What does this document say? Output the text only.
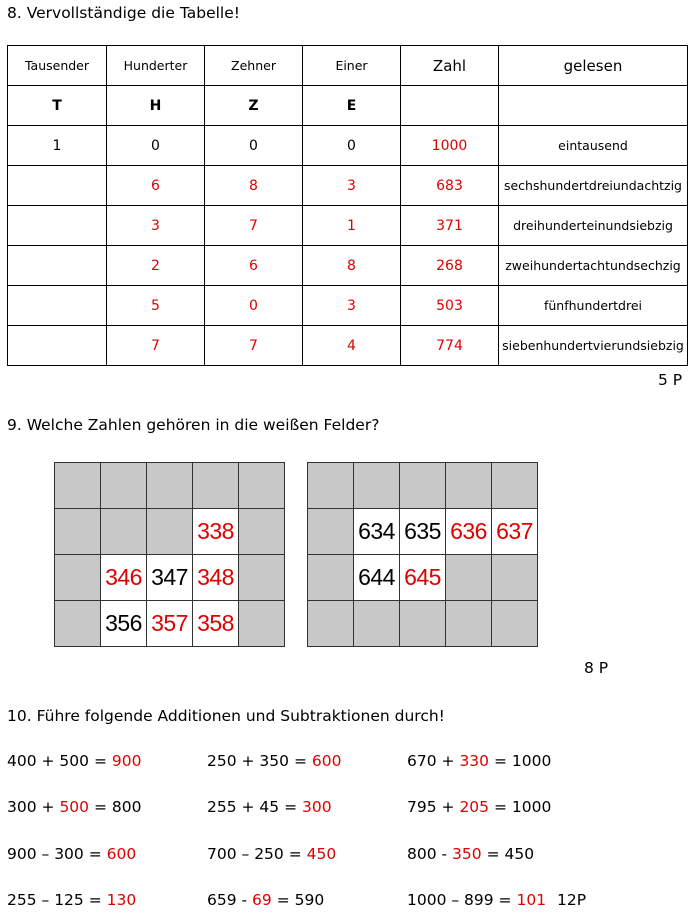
8. Vervollständige die Tabelle!
Tausender	Hunderter	Zehner	Einer	Zahl	gelesen
T	H	Z	E		
1	0	0	0	1000	eintausend
	6	8	3	683	sechshundertdreiundachtzig
	3	7	1	371	dreihunderteinundsiebzig
	2	6	8	268	zweihundertachtundsechzig
	5	0	3	503	fünfhundertdrei
	7	7	4	774	siebenhundertvierundsiebzig
5 P
9. Welche Zahlen gehören in die weißen Felder?
338
346 347 348
356 357 358
634 635 636 637
644 645
8 P
10. Führe folgende Additionen und Subtraktionen durch!
400 + 500 = 900	250 + 350 = 600	670 + 330 = 1000
300 + 500 = 800	255 + 45 = 300	795 + 205 = 1000
900 – 300 = 600	700 – 250 = 450	800 - 350 = 450
255 – 125 = 130	659 - 69 = 590	1000 – 899 = 101 12P
